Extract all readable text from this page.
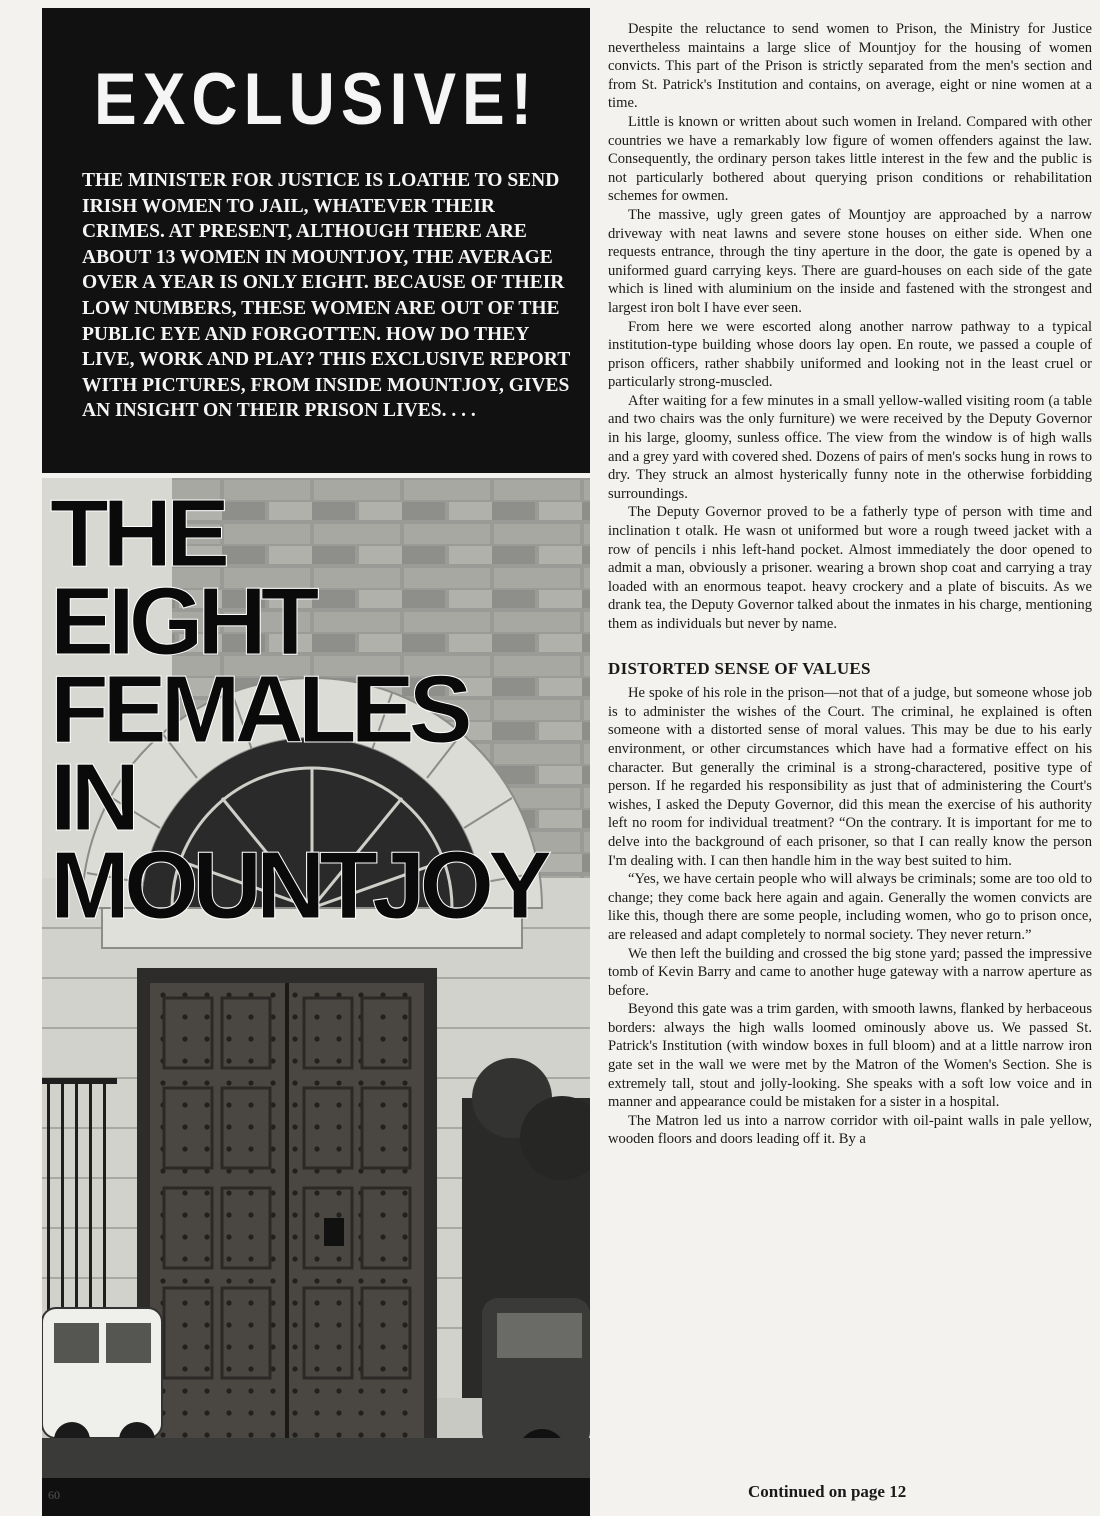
EXCLUSIVE!
THE MINISTER FOR JUSTICE IS LOATHE TO SEND IRISH WOMEN TO JAIL, WHATEVER THEIR CRIMES. AT PRESENT, ALTHOUGH THERE ARE ABOUT 13 WOMEN IN MOUNTJOY, THE AVERAGE OVER A YEAR IS ONLY EIGHT. BECAUSE OF THEIR LOW NUMBERS, THESE WOMEN ARE OUT OF THE PUBLIC EYE AND FORGOTTEN. HOW DO THEY LIVE, WORK AND PLAY? THIS EXCLUSIVE REPORT WITH PICTURES, FROM INSIDE MOUNTJOY, GIVES AN INSIGHT ON THEIR PRISON LIVES. . . .
THE
EIGHT
FEMALES
IN
MOUNTJOY

Despite the reluctance to send women to Prison, the Ministry for Justice nevertheless maintains a large slice of Mountjoy for the housing of women convicts. This part of the Prison is strictly separated from the men's section and from St. Patrick's Institution and contains, on average, eight or nine women at a time.

Little is known or written about such women in Ireland. Compared with other countries we have a remarkably low figure of women offenders against the law. Consequently, the ordinary person takes little interest in the few and the public is not particularly bothered about querying prison conditions or rehabilitation schemes for owmen.

The massive, ugly green gates of Mountjoy are approached by a narrow driveway with neat lawns and severe stone houses on either side. When one requests entrance, through the tiny aperture in the door, the gate is opened by a uniformed guard carrying keys. There are guard-houses on each side of the gate which is lined with aluminium on the inside and fastened with the strongest and largest iron bolt I have ever seen.

From here we were escorted along another narrow pathway to a typical institution-type building whose doors lay open. En route, we passed a couple of prison officers, rather shabbily uniformed and looking not in the least cruel or particularly strong-muscled.

After waiting for a few minutes in a small yellow-walled visiting room (a table and two chairs was the only furniture) we were received by the Deputy Governor in his large, gloomy, sunless office. The view from the window is of high walls and a grey yard with covered shed. Dozens of pairs of men's socks hung in rows to dry. They struck an almost hysterically funny note in the otherwise forbidding surroundings.

The Deputy Governor proved to be a fatherly type of person with time and inclination t otalk. He wasn ot uniformed but wore a rough tweed jacket with a row of pencils i nhis left-hand pocket. Almost immediately the door opened to admit a man, obviously a prisoner. wearing a brown shop coat and carrying a tray loaded with an enormous teapot. heavy crockery and a plate of biscuits. As we drank tea, the Deputy Governor talked about the inmates in his charge, mentioning them as individuals but never by name.

DISTORTED SENSE OF VALUES

He spoke of his role in the prison—not that of a judge, but someone whose job is to administer the wishes of the Court. The criminal, he explained is often someone with a distorted sense of moral values. This may be due to his early environment, or other circumstances which have had a formative effect on his character. But generally the criminal is a strong-charactered, positive type of person. If he regarded his responsibility as just that of administering the Court's wishes, I asked the Deputy Governor, did this mean the exercise of his authority left no room for individual treatment? “On the contrary. It is important for me to delve into the background of each prisoner, so that I can really know the person I'm dealing with. I can then handle him in the way best suited to him.

“Yes, we have certain people who will always be criminals; some are too old to change; they come back here again and again. Generally the women convicts are like this, though there are some people, including women, who go to prison once, are released and adapt completely to normal society. They never return.”

We then left the building and crossed the big stone yard; passed the impressive tomb of Kevin Barry and came to another huge gateway with a narrow aperture as before.

Beyond this gate was a trim garden, with smooth lawns, flanked by herbaceous borders: always the high walls loomed ominously above us. We passed St. Patrick's Institution (with window boxes in full bloom) and at a little narrow iron gate set in the wall we were met by the Matron of the Women's Section. She is extremely tall, stout and jolly-looking. She speaks with a soft low voice and in manner and appearance could be mistaken for a sister in a hospital.

The Matron led us into a narrow corridor with oil-paint walls in pale yellow, wooden floors and doors leading off it. By a

Continued on page 12
60
